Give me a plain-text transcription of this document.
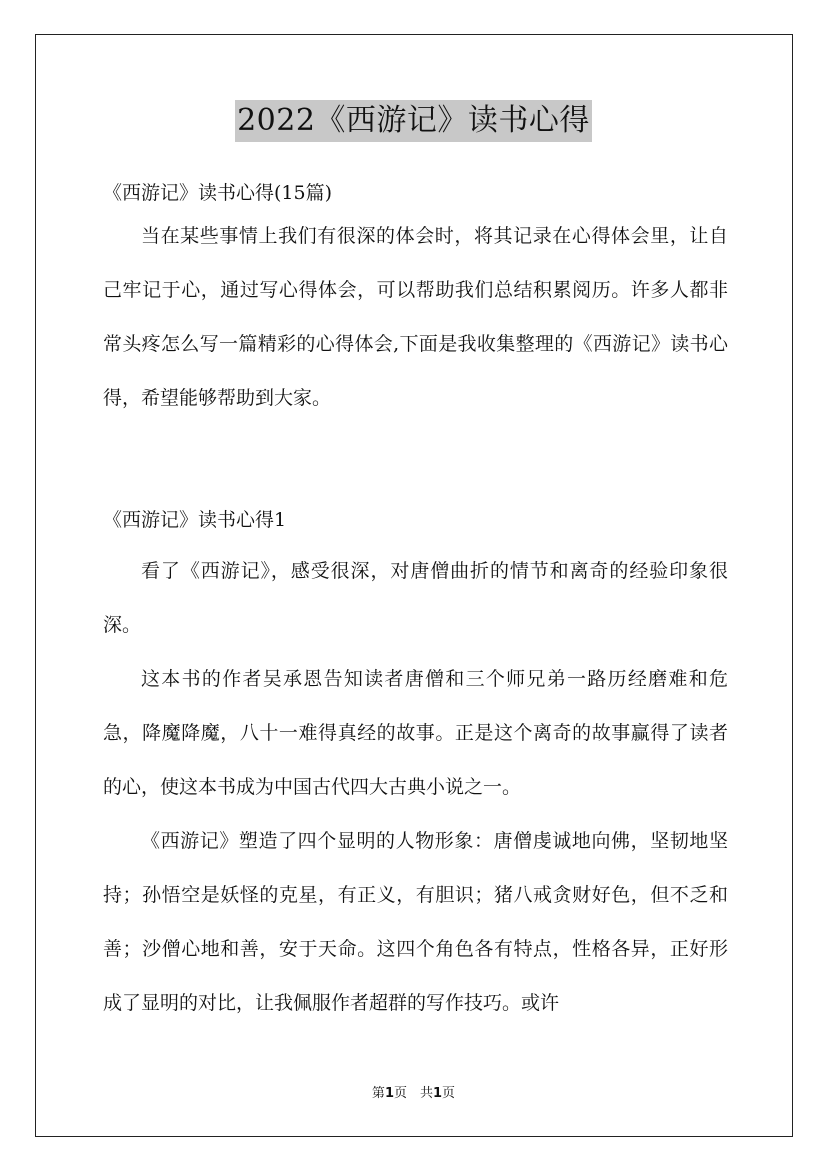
2022《西游记》读书心得
《西游记》读书心得(15篇)

当在某些事情上我们有很深的体会时，将其记录在心得体会里，让自己牢记于心，通过写心得体会，可以帮助我们总结积累阅历。许多人都非常头疼怎么写一篇精彩的心得体会,下面是我收集整理的《西游记》读书心得，希望能够帮助到大家。

《西游记》读书心得1

看了《西游记》，感受很深，对唐僧曲折的情节和离奇的经验印象很深。

这本书的作者吴承恩告知读者唐僧和三个师兄弟一路历经磨难和危急，降魔降魔，八十一难得真经的故事。正是这个离奇的故事赢得了读者的心，使这本书成为中国古代四大古典小说之一。

《西游记》塑造了四个显明的人物形象：唐僧虔诚地向佛，坚韧地坚持；孙悟空是妖怪的克星，有正义，有胆识；猪八戒贪财好色，但不乏和善；沙僧心地和善，安于天命。这四个角色各有特点，性格各异，正好形成了显明的对比，让我佩服作者超群的写作技巧。或许

第1页　共1页
